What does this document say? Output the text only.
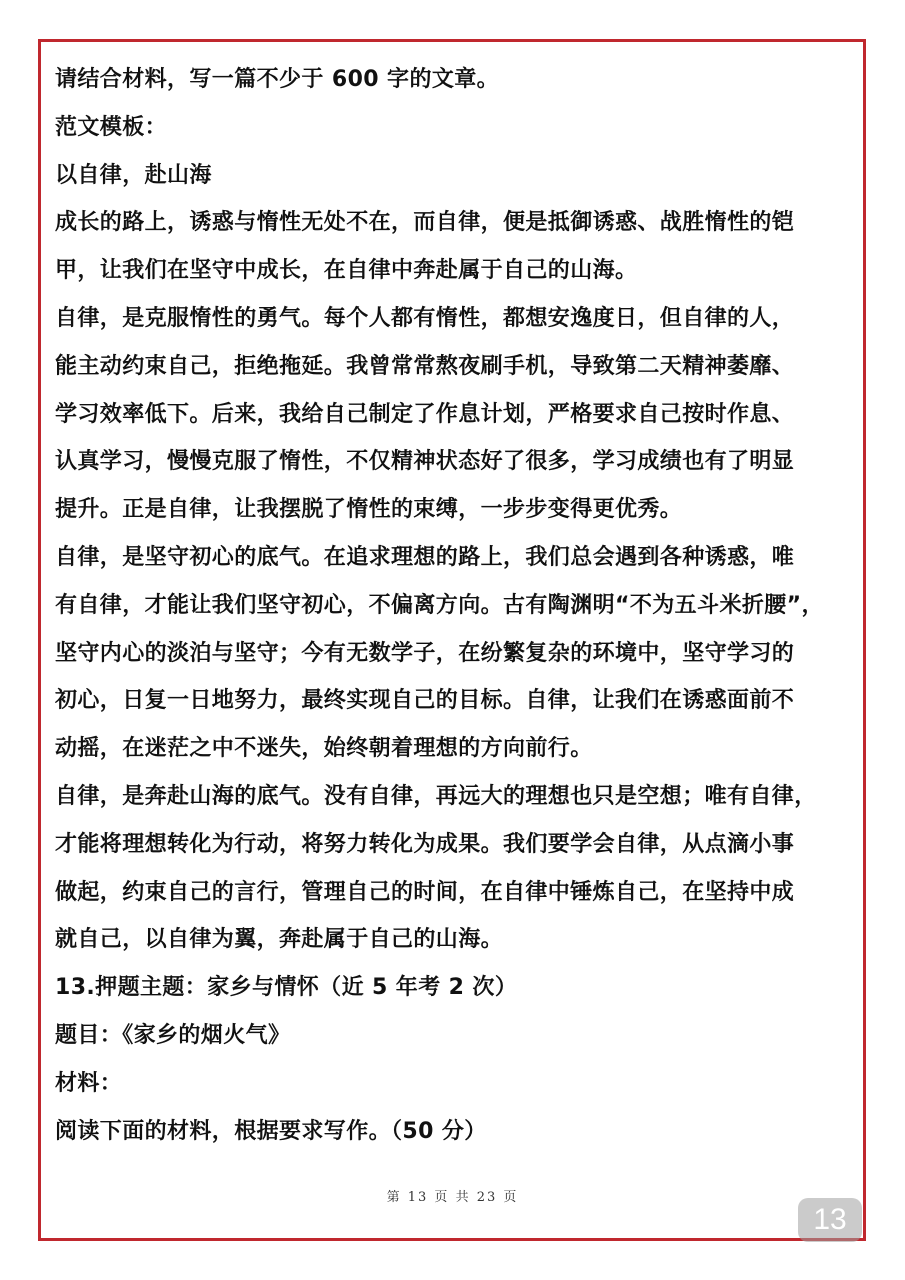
请结合材料，写一篇不少于 600 字的文章。
范文模板：
以自律，赴山海
成长的路上，诱惑与惰性无处不在，而自律，便是抵御诱惑、战胜惰性的铠
甲，让我们在坚守中成长，在自律中奔赴属于自己的山海。
自律，是克服惰性的勇气。每个人都有惰性，都想安逸度日，但自律的人，
能主动约束自己，拒绝拖延。我曾常常熬夜刷手机，导致第二天精神萎靡、
学习效率低下。后来，我给自己制定了作息计划，严格要求自己按时作息、
认真学习，慢慢克服了惰性，不仅精神状态好了很多，学习成绩也有了明显
提升。正是自律，让我摆脱了惰性的束缚，一步步变得更优秀。
自律，是坚守初心的底气。在追求理想的路上，我们总会遇到各种诱惑，唯
有自律，才能让我们坚守初心，不偏离方向。古有陶渊明“不为五斗米折腰”，
坚守内心的淡泊与坚守；今有无数学子，在纷繁复杂的环境中，坚守学习的
初心，日复一日地努力，最终实现自己的目标。自律，让我们在诱惑面前不
动摇，在迷茫之中不迷失，始终朝着理想的方向前行。
自律，是奔赴山海的底气。没有自律，再远大的理想也只是空想；唯有自律，
才能将理想转化为行动，将努力转化为成果。我们要学会自律，从点滴小事
做起，约束自己的言行，管理自己的时间，在自律中锤炼自己，在坚持中成
就自己，以自律为翼，奔赴属于自己的山海。
13.押题主题：家乡与情怀（近 5 年考 2 次）
题目：《家乡的烟火气》
材料：
阅读下面的材料，根据要求写作。（50 分）
第 13 页 共 23 页
13
